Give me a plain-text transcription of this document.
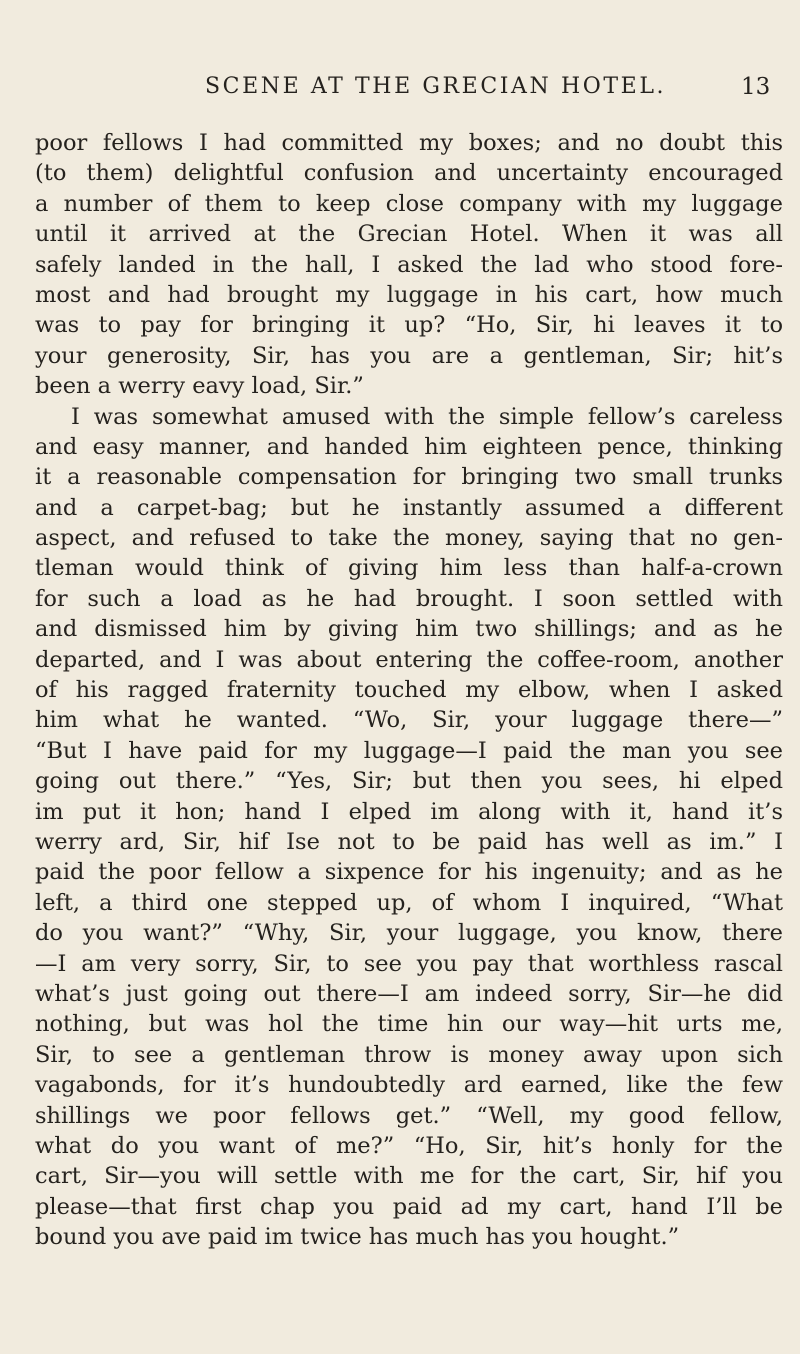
SCENE AT THE GRECIAN HOTEL.	13
poor fellows I had committed my boxes; and no doubt this
(to them) delightful confusion and uncertainty encouraged
a number of them to keep close company with my luggage
until it arrived at the Grecian Hotel. When it was all
safely landed in the hall, I asked the lad who stood fore-
most and had brought my luggage in his cart, how much
was to pay for bringing it up? “Ho, Sir, hi leaves it to
your generosity, Sir, has you are a gentleman, Sir; hit’s
been a werry eavy load, Sir.”
I was somewhat amused with the simple fellow’s careless
and easy manner, and handed him eighteen pence, thinking
it a reasonable compensation for bringing two small trunks
and a carpet-bag; but he instantly assumed a different
aspect, and refused to take the money, saying that no gen-
tleman would think of giving him less than half-a-crown
for such a load as he had brought. I soon settled with
and dismissed him by giving him two shillings; and as he
departed, and I was about entering the coffee-room, another
of his ragged fraternity touched my elbow, when I asked
him what he wanted. “Wo, Sir, your luggage there—”
“But I have paid for my luggage—I paid the man you see
going out there.” “Yes, Sir; but then you sees, hi elped
im put it hon; hand I elped im along with it, hand it’s
werry ard, Sir, hif Ise not to be paid has well as im.” I
paid the poor fellow a sixpence for his ingenuity; and as he
left, a third one stepped up, of whom I inquired, “What
do you want?” “Why, Sir, your luggage, you know, there
—I am very sorry, Sir, to see you pay that worthless rascal
what’s just going out there—I am indeed sorry, Sir—he did
nothing, but was hol the time hin our way—hit urts me,
Sir, to see a gentleman throw is money away upon sich
vagabonds, for it’s hundoubtedly ard earned, like the few
shillings we poor fellows get.” “Well, my good fellow,
what do you want of me?” “Ho, Sir, hit’s honly for the
cart, Sir—you will settle with me for the cart, Sir, hif you
please—that first chap you paid ad my cart, hand I’ll be
bound you ave paid im twice has much has you hought.”
